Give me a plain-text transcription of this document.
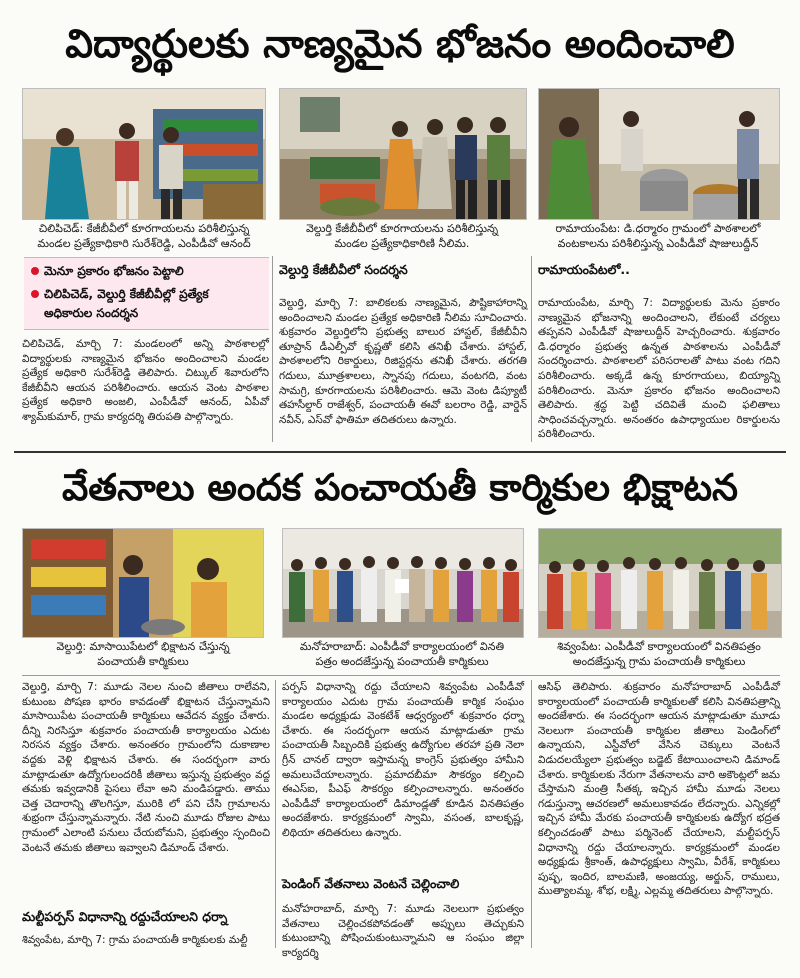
విద్యార్థులకు నాణ్యమైన భోజనం అందించాలి
చిలిపిచెడ్: కేజీబీవీలో కూరగాయలను పరిశీలిస్తున్న
మండల ప్రత్యేకాధికారి సురేశ్‌రెడ్డి, ఎంపీడీవో ఆనంద్
వెల్దుర్తి కేజీబీవీలో కూరగాయలను పరిశీలిస్తున్న
మండల ప్రత్యేకాధికారిణి నీలిమ.
రామాయంపేట: డి.ధర్మారం గ్రామంలో పాఠశాలలో
వంటకాలను పరిశీలిస్తున్న ఎంపీడీవో షాజులుద్దీన్
మెనూ ప్రకారం భోజనం పెట్టాలి
చిలిపిచెడ్, వెల్దుర్తి కేజీబీవీల్లో ప్రత్యేక
అధికారుల సందర్శన
వెల్దుర్తి కేజీబీవీలో సందర్శన	రామాయంపేటలో..
చిలిపిచెడ్, మార్చి 7: మండలంలో అన్ని పాఠశాలల్లో విద్యార్థులకు నాణ్యమైన భోజనం అందించాలని మండల ప్రత్యేక అధికారి సురేశ్‌రెడ్డి తెలిపారు. చిట్కుల్ శివారులోని కేజీబీవీని ఆయన పరిశీలించారు. ఆయన వెంట పాఠశాల ప్రత్యేక అధికారి అంజలి, ఎంపీడీవో ఆనంద్, ఏపీవో శ్యామ్‌కుమార్, గ్రామ కార్యదర్శి తిరుపతి పాల్గొన్నారు.
వెల్దుర్తి, మార్చి 7: బాలికలకు నాణ్యమైన, పౌష్టికాహారాన్ని అందించాలని మండల ప్రత్యేక అధికారిణి నీలిమ సూచించారు. శుక్రవారం వెల్దుర్తిలోని ప్రభుత్వ బాలుర హాస్టల్, కేజీబీవీని తూప్రాన్ డీఎల్పీవో కృష్ణతో కలిసి తనిఖీ చేశారు. హాస్టల్, పాఠశాలలోని రికార్డులు, రిజిస్టర్లను తనిఖీ చేశారు. తరగతి గదులు, మూత్రశాలలు, స్నానపు గదులు, వంటగది, వంట సామగ్రి, కూరగాయలను పరిశీలించారు. ఆమె వెంట డిప్యూటీ తహసీల్దార్ రాజేశ్వర్, పంచాయతీ ఈవో బలరాం రెడ్డి, వార్డెన్ నవీన్, ఎస్‌వో ఫాతిమా తదితరులు ఉన్నారు.
రామాయంపేట, మార్చి 7: విద్యార్థులకు మెను ప్రకారం నాణ్యమైన భోజనాన్ని అందించాలని, లేకుంటే చర్యలు తప్పవని ఎంపీడీవో షాజులుద్దీన్ హెచ్చరించారు. శుక్రవారం డి.ధర్మారం ప్రభుత్వ ఉన్నత పాఠశాలను ఎంపీడీవో సందర్శించారు. పాఠశాలలో పరిసరాలతో పాటు వంట గదిని పరిశీలించారు. అక్కడే ఉన్న కూరగాయలు, బియ్యాన్ని పరిశీలించారు. మెనూ ప్రకారం భోజనం అందించాలని తెలిపారు. శ్రద్ధ పెట్టి చదివితే మంచి ఫలితాలు సాధించవచ్చన్నారు. అనంతరం ఉపాధ్యాయుల రికార్డులను పరిశీలించారు.
వేతనాలు అందక పంచాయతీ కార్మికుల భిక్షాటన
వెల్దుర్తి: మాసాయిపేటలో భిక్షాటన చేస్తున్న
పంచాయతీ కార్మికులు
మనోహరాబాద్: ఎంపీడీవో కార్యాలయంలో వినతి
పత్రం అందజేస్తున్న పంచాయతీ కార్మికులు
శివ్వంపేట: ఎంపీడీవో కార్యాలయంలో వినతిపత్రం
అందజేస్తున్న గ్రామ పంచాయతీ కార్మికులు
వెల్దుర్తి, మార్చి 7: మూడు నెలల నుంచి జీతాలు రాలేవని, కుటుంబ పోషణ భారం కావడంతో భిక్షాటన చేస్తున్నామని మాసాయిపేట పంచాయతీ కార్మికులు ఆవేదన వ్యక్తం చేశారు. దీన్ని నిరసిస్తూ శుక్రవారం పంచాయతీ కార్యాలయం ఎదుట నిరసన వ్యక్తం చేశారు. అనంతరం గ్రామంలోని దుకాణాల వద్దకు వెళ్లి భిక్షాటన చేశారు. ఈ సందర్భంగా వారు మాట్లాడుతూ ఉద్యోగులందరికీ జీతాలు ఇస్తున్న ప్రభుత్వం వద్ద తమకు ఇవ్వడానికి పైసలు లేవా అని మండిపడ్డారు. తాము చెత్త చెదారాన్ని తొలగిస్తూ, మురికి లో పని చేసి గ్రామాలను శుభ్రంగా చేస్తున్నామన్నారు. నేటి నుంచి మూడు రోజుల పాటు గ్రామంలో ఎలాంటి పనులు చేయబోమని, ప్రభుత్వం స్పందించి వెంటనే తమకు జీతాలు ఇవ్వాలని డిమాండ్ చేశారు.
మల్టీపర్పస్ విధానాన్ని రద్దుచేయాలని ధర్నా
శివ్వంపేట, మార్చి 7: గ్రామ పంచాయతీ కార్మికులకు మల్టీ
పర్పస్ విధానాన్ని రద్దు చేయాలని శివ్వంపేట ఎంపీడీవో కార్యాలయం ఎదుట గ్రామ పంచాయతీ కార్మిక సంఘం మండల అధ్యక్షుడు వెంకటేశ్ ఆధ్వర్యంలో శుక్రవారం ధర్నా చేశారు. ఈ సందర్భంగా ఆయన మాట్లాడుతూ గ్రామ పంచాయతీ సిబ్బందికి ప్రభుత్వ ఉద్యోగుల తరహా ప్రతి నెలా గ్రీన్ చానల్ ద్వారా ఇస్తామన్న కాంగ్రెస్ ప్రభుత్వం హామీని అమలుచేయాలన్నారు. ప్రమాదబీమా సౌకర్యం కల్పించి ఈఎస్ఐ, పీఎఫ్ సౌకర్యం కల్పించాలన్నారు. అనంతరం ఎంపీడీవో కార్యాలయంలో డిమాండ్లతో కూడిన వినతిపత్రం అందజేశారు. కార్యక్రమంలో స్వామి, వసంత, బాలకృష్ణ, లిథియా తదితరులు ఉన్నారు.
పెండింగ్ వేతనాలు వెంటనే చెల్లించాలి
మనోహరాబాద్, మార్చి 7: మూడు నెలలుగా ప్రభుత్వం వేతనాలు చెల్లించకపోవడంతో అప్పులు తెచ్చుకుని కుటుంబాన్ని పోషించుకుంటున్నామని ఆ సంఘం జిల్లా కార్యదర్శి
ఆసిఫ్ తెలిపారు. శుక్రవారం మనోహరాబాద్ ఎంపీడీవో కార్యాలయంలో పంచాయతీ కార్మికులతో కలిసి వినతిపత్రాన్ని అందజేశారు. ఈ సందర్భంగా ఆయన మాట్లాడుతూ మూడు నెలలుగా పంచాయతీ కార్మికుల జీతాలు పెండింగ్‌లో ఉన్నాయని, ఎస్టీవోలో వేసిన చెక్కులు వెంటనే విడుదలయ్యేలా ప్రభుత్వం బడ్జెట్ కేటాయించాలని డిమాండ్ చేశారు. కార్మికులకు నేరుగా వేతనాలను వారి అకౌంట్లలో జమ చేస్తామని మంత్రి సీతక్క ఇచ్చిన హామీ మూడు నెలలు గడుస్తున్నా ఆచరణలో అమలుకావడం లేదన్నారు. ఎన్నికల్లో ఇచ్చిన హామీ మేరకు పంచాయతీ కార్మికులకు ఉద్యోగ భద్రత కల్పించడంతో పాటు పర్మినెంట్ చేయాలని, మల్టీపర్పస్ విధానాన్ని రద్దు చేయాలన్నారు. కార్యక్రమంలో మండల అధ్యక్షుడు శ్రీకాంత్, ఉపాధ్యక్షులు స్వామి, వీరేశ్, కార్మికులు పుష్ప, ఇందిర, బాలమణి, అంజయ్య, అర్జున్, రాములు, ముత్యాలమ్మ, శోభ, లక్ష్మి, ఎల్లమ్మ తదితరులు పాల్గొన్నారు.
